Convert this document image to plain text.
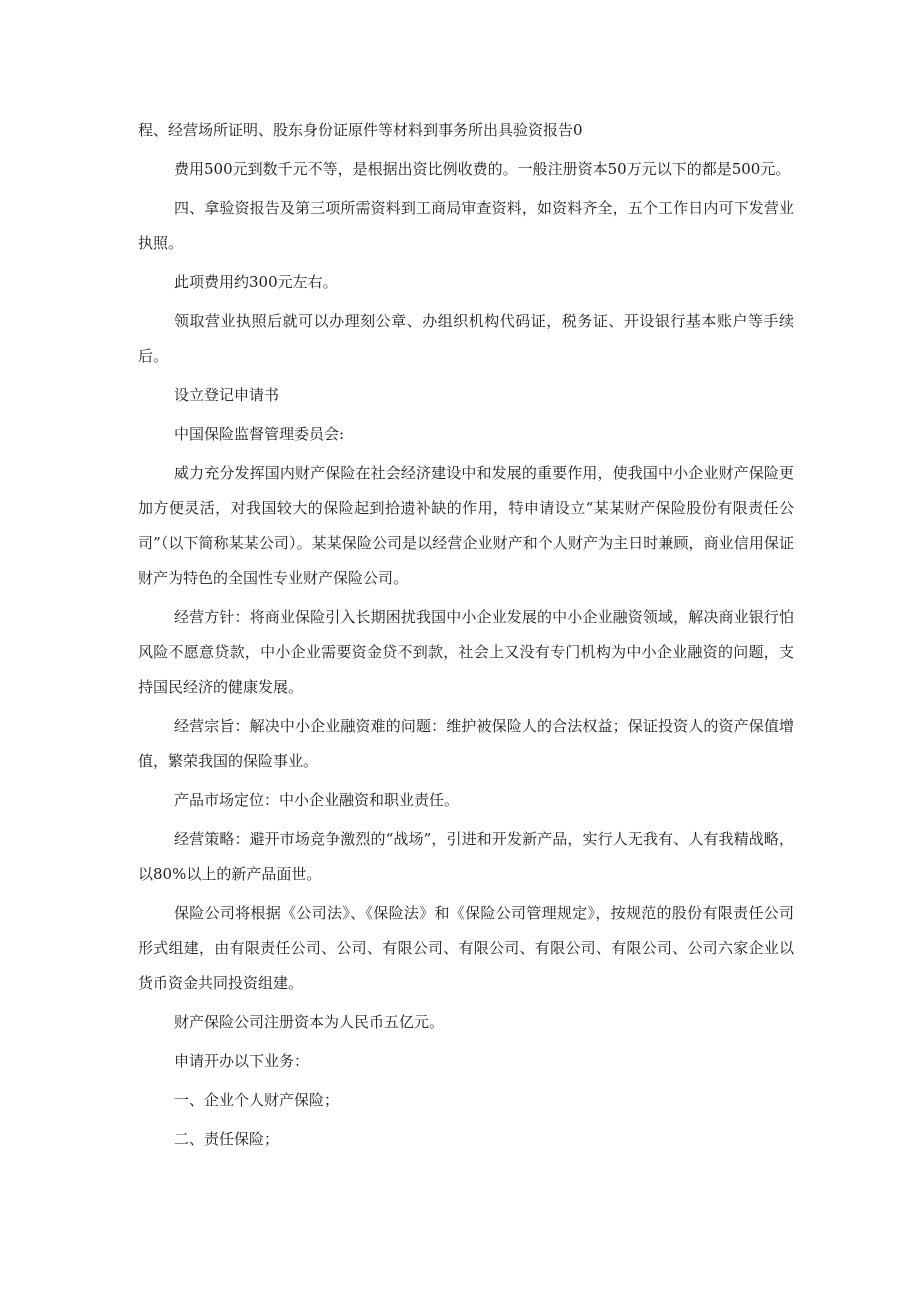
程、经营场所证明、股东身份证原件等材料到事务所出具验资报告0

费用500元到数千元不等，是根据出资比例收费的。一般注册资本50万元以下的都是500元。

四、拿验资报告及第三项所需资料到工商局审查资料，如资料齐全，五个工作日内可下发营业执照。

此项费用约300元左右。

领取营业执照后就可以办理刻公章、办组织机构代码证，税务证、开设银行基本账户等手续后。

设立登记申请书

中国保险监督管理委员会:

威力充分发挥国内财产保险在社会经济建设中和发展的重要作用，使我国中小企业财产保险更加方便灵活，对我国较大的保险起到拾遗补缺的作用，特申请设立“某某财产保险股份有限责任公司”（以下简称某某公司）。某某保险公司是以经营企业财产和个人财产为主日时兼顾，商业信用保证财产为特色的全国性专业财产保险公司。

经营方针：将商业保险引入长期困扰我国中小企业发展的中小企业融资领域，解决商业银行怕风险不愿意贷款，中小企业需要资金贷不到款，社会上又没有专门机构为中小企业融资的问题，支持国民经济的健康发展。

经营宗旨：解决中小企业融资难的问题：维护被保险人的合法权益；保证投资人的资产保值增值，繁荣我国的保险事业。

产品市场定位：中小企业融资和职业责任。

经营策略：避开市场竞争激烈的“战场”，引进和开发新产品，实行人无我有、人有我精战略，以80%以上的新产品面世。

保险公司将根据《公司法》、《保险法》和《保险公司管理规定》，按规范的股份有限责任公司形式组建，由有限责任公司、公司、有限公司、有限公司、有限公司、有限公司、公司六家企业以货币资金共同投资组建。

财产保险公司注册资本为人民币五亿元。

申请开办以下业务：

一、企业个人财产保险；

二、责任保险；
